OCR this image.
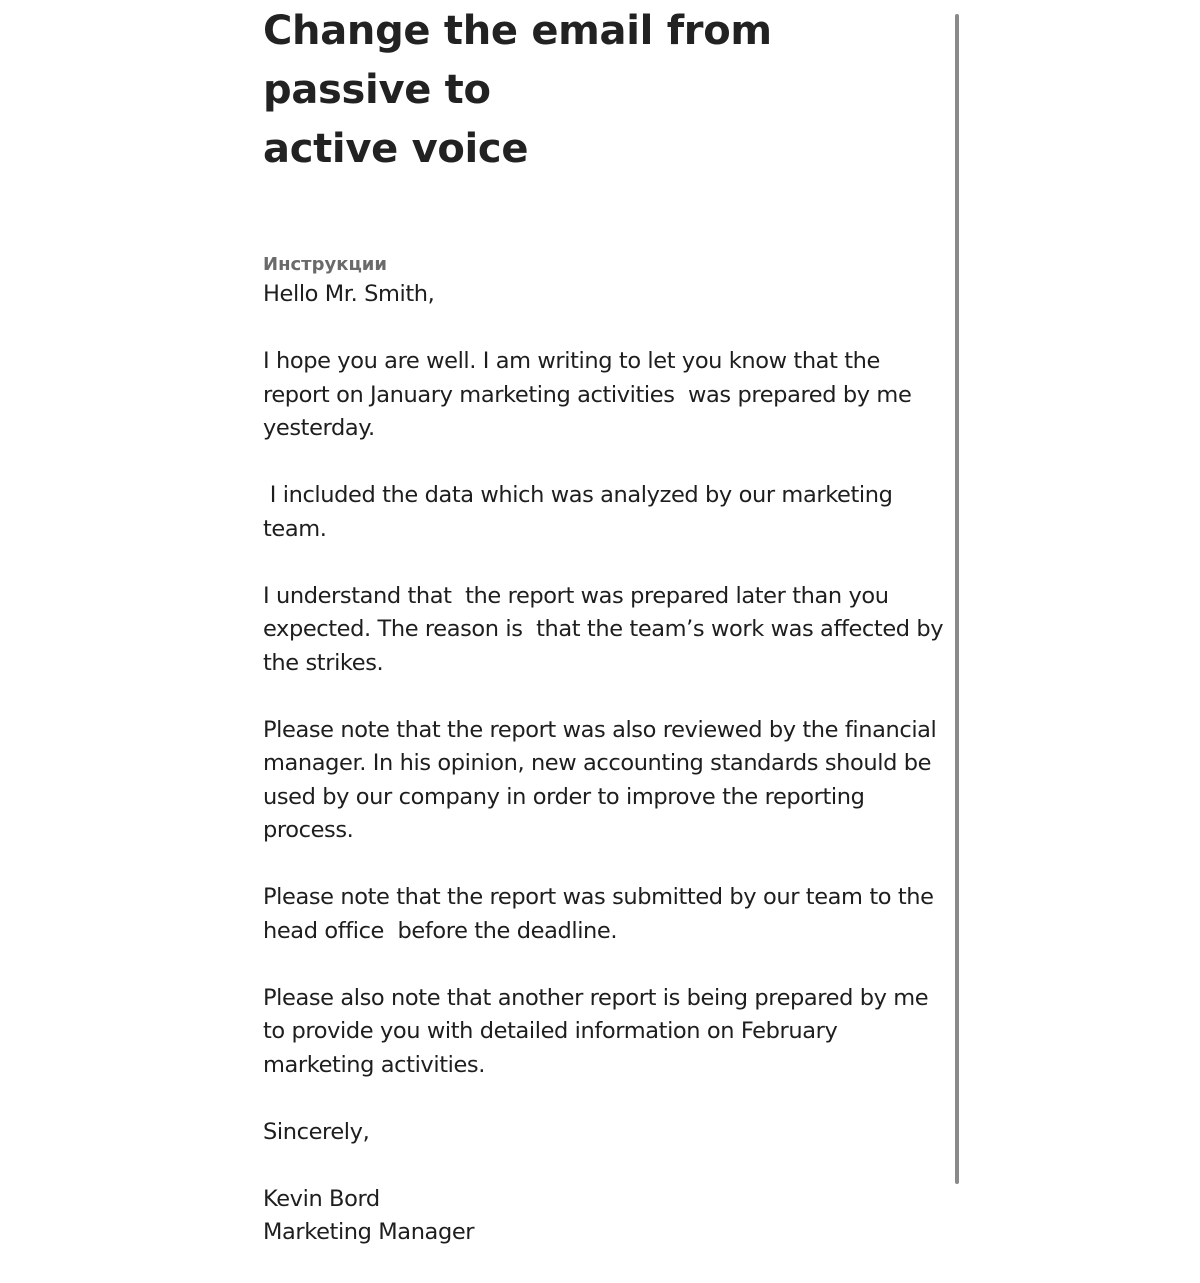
Change the email from passive to
active voice
Инструкции

Hello Mr. Smith,

I hope you are well. I am writing to let you know that the
report on January marketing activities  was prepared by me
yesterday.

I included the data which was analyzed by our marketing
team.

I understand that  the report was prepared later than you
expected. The reason is  that the team’s work was affected by
the strikes.

Please note that the report was also reviewed by the financial
manager. In his opinion, new accounting standards should be
used by our company in order to improve the reporting
process.

Please note that the report was submitted by our team to the
head office  before the deadline.

Please also note that another report is being prepared by me
to provide you with detailed information on February
marketing activities.

Sincerely,

Kevin Bord
Marketing Manager
